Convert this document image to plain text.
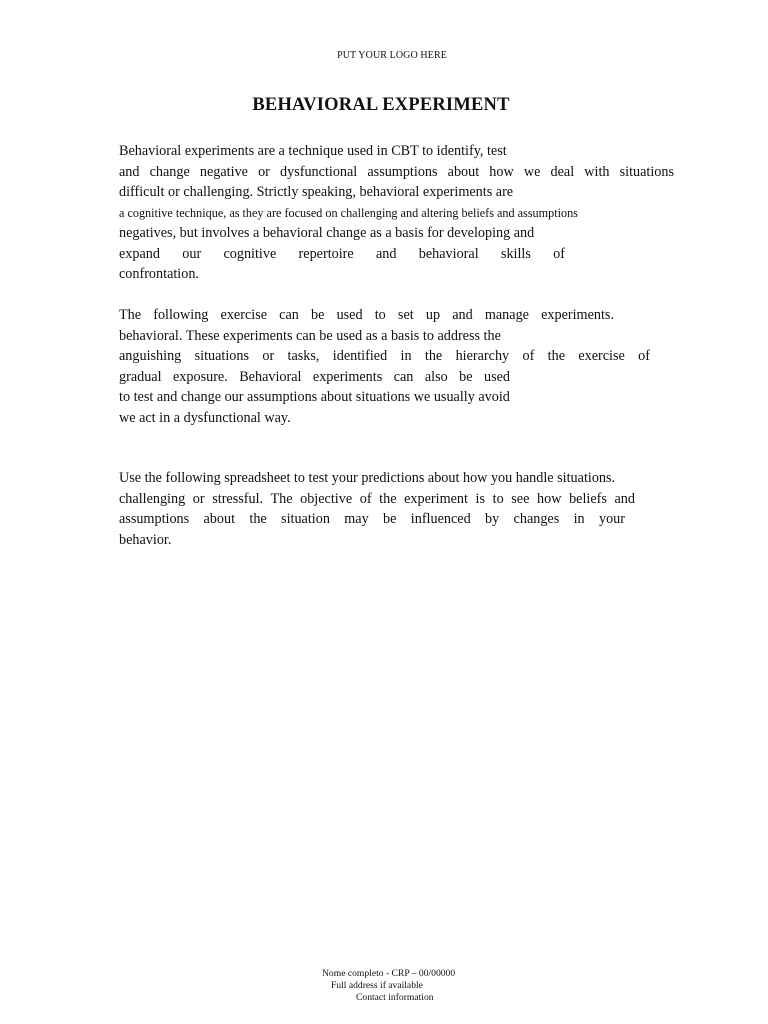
PUT YOUR LOGO HERE
BEHAVIORAL EXPERIMENT
Behavioral experiments are a technique used in CBT to identify, test
and change negative or dysfunctional assumptions about how we deal with situations
difficult or challenging. Strictly speaking, behavioral experiments are
a cognitive technique, as they are focused on challenging and altering beliefs and assumptions
negatives, but involves a behavioral change as a basis for developing and
expand our cognitive repertoire and behavioral skills of
confrontation.
The following exercise can be used to set up and manage experiments.
behavioral. These experiments can be used as a basis to address the
anguishing situations or tasks, identified in the hierarchy of the exercise of
gradual exposure. Behavioral experiments can also be used
to test and change our assumptions about situations we usually avoid
we act in a dysfunctional way.
Use the following spreadsheet to test your predictions about how you handle situations.
challenging or stressful. The objective of the experiment is to see how beliefs and
assumptions about the situation may be influenced by changes in your
behavior.
Nome completo - CRP – 00/00000
Full address if available
Contact information
